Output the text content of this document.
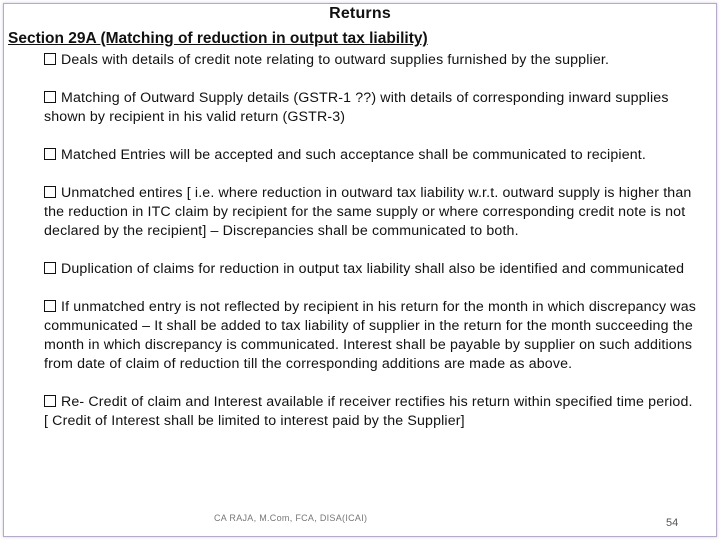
Returns
Section 29A (Matching of reduction in output tax liability)
Deals with details of credit note relating to outward supplies furnished by the supplier.
Matching of Outward Supply details (GSTR-1 ??) with details of corresponding inward supplies shown by recipient in his valid return (GSTR-3)
Matched Entries will be accepted and such acceptance shall be communicated to recipient.
Unmatched entires [ i.e. where reduction in outward tax liability w.r.t. outward supply is higher than the reduction in ITC claim by recipient for the same supply or where corresponding credit note is not declared by the recipient] – Discrepancies shall be communicated to both.
Duplication of claims for reduction in output tax liability shall also be identified and communicated
If unmatched entry is not reflected by recipient in his return for the month in which discrepancy was communicated – It shall be added to tax liability of supplier in the return for the month succeeding the month in which discrepancy is communicated. Interest shall be payable by supplier on such additions from date of claim of reduction till the corresponding additions are made as above.
Re- Credit of claim and Interest available if receiver rectifies his return within specified time period. [ Credit of Interest shall be limited to interest paid by the Supplier]
CA RAJA, M.Com, FCA, DISA(ICAI)	54
